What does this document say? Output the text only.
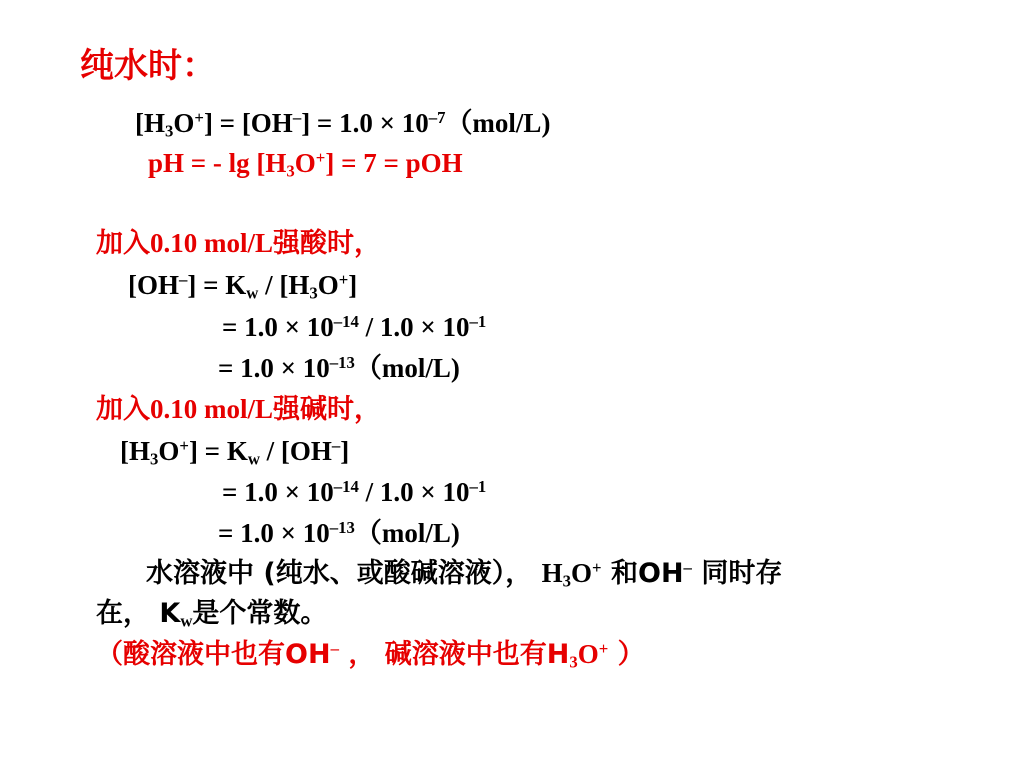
纯水时：
$[H_3O^+] = [OH^-] = 1.0 \times 10^{-7}(mol/L)$
pH = - $\lg [H_3O^+] = 7$ = pOH
加入0.10 mol/L强酸时，
$[OH^-] = K_w / [H_3O^+]$
= $1.0 \times 10^{-14} / 1.0 \times 10^{-1}$
= $1.0 \times 10^{-13}(mol/L)$
加入0.10 mol/L强碱时，
$[H_3O^+] = K_w / [OH^-]$
= $1.0 \times 10^{-14} / 1.0 \times 10^{-1}$
= $1.0 \times 10^{-13}(mol/L)$
水溶液中 (纯水、或酸碱溶液）， $H_3O^+$ 和OH– 同时存
在， $K_w$是个常数。
（酸溶液中也有OH– ， 碱溶液中也有$H_3O^+$ ）
